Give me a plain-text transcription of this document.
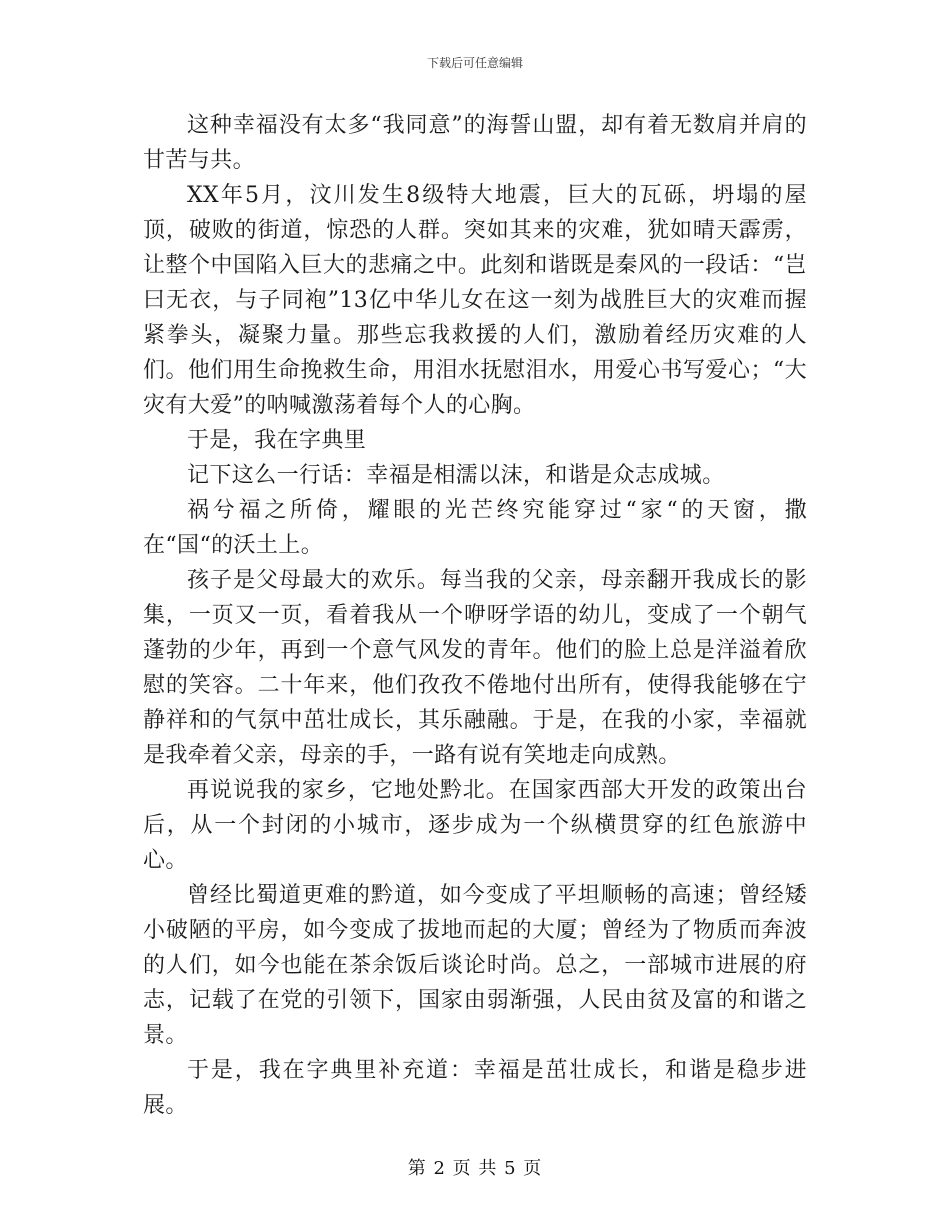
下载后可任意编辑

这种幸福没有太多“我同意”的海誓山盟，却有着无数肩并肩的甘苦与共。

XX年5月，汶川发生8级特大地震，巨大的瓦砾，坍塌的屋顶，破败的街道，惊恐的人群。突如其来的灾难，犹如晴天霹雳，让整个中国陷入巨大的悲痛之中。此刻和谐既是秦风的一段话：“岂曰无衣，与子同袍”13亿中华儿女在这一刻为战胜巨大的灾难而握紧拳头，凝聚力量。那些忘我救援的人们，激励着经历灾难的人们。他们用生命挽救生命，用泪水抚慰泪水，用爱心书写爱心；“大灾有大爱”的呐喊激荡着每个人的心胸。

于是，我在字典里

记下这么一行话：幸福是相濡以沫，和谐是众志成城。

祸兮福之所倚，耀眼的光芒终究能穿过“家“的天窗，撒在“国“的沃土上。

孩子是父母最大的欢乐。每当我的父亲，母亲翻开我成长的影集，一页又一页，看着我从一个咿呀学语的幼儿，变成了一个朝气蓬勃的少年，再到一个意气风发的青年。他们的脸上总是洋溢着欣慰的笑容。二十年来，他们孜孜不倦地付出所有，使得我能够在宁静祥和的气氛中茁壮成长，其乐融融。于是，在我的小家，幸福就是我牵着父亲，母亲的手，一路有说有笑地走向成熟。

再说说我的家乡，它地处黔北。在国家西部大开发的政策出台后，从一个封闭的小城市，逐步成为一个纵横贯穿的红色旅游中心。

曾经比蜀道更难的黔道，如今变成了平坦顺畅的高速；曾经矮小破陋的平房，如今变成了拔地而起的大厦；曾经为了物质而奔波的人们，如今也能在茶余饭后谈论时尚。总之，一部城市进展的府志，记载了在党的引领下，国家由弱渐强，人民由贫及富的和谐之景。

于是，我在字典里补充道：幸福是茁壮成长，和谐是稳步进展。

第 2 页 共 5 页
